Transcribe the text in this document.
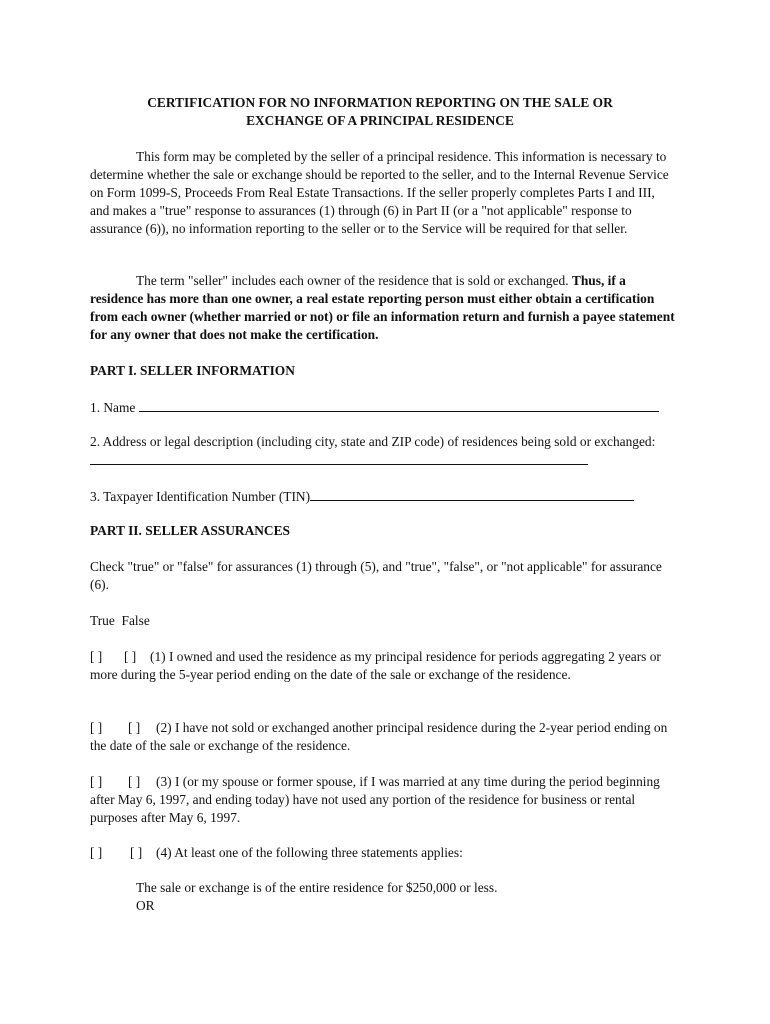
CERTIFICATION FOR NO INFORMATION REPORTING ON THE SALE OR
EXCHANGE OF A PRINCIPAL RESIDENCE
This form may be completed by the seller of a principal residence. This information is necessary to determine whether the sale or exchange should be reported to the seller, and to the Internal Revenue Service on Form 1099-S, Proceeds From Real Estate Transactions. If the seller properly completes Parts I and III, and makes a "true" response to assurances (1) through (6) in Part II (or a "not applicable" response to assurance (6)), no information reporting to the seller or to the Service will be required for that seller.
The term "seller" includes each owner of the residence that is sold or exchanged. Thus, if a residence has more than one owner, a real estate reporting person must either obtain a certification from each owner (whether married or not) or file an information return and furnish a payee statement for any owner that does not make the certification.
PART I. SELLER INFORMATION
1. Name
2. Address or legal description (including city, state and ZIP code) of residences being sold or exchanged:
3. Taxpayer Identification Number (TIN)
PART II. SELLER ASSURANCES
Check "true" or "false" for assurances (1) through (5), and "true", "false", or "not applicable" for assurance (6).
True  False
[ ] [ ] (1) I owned and used the residence as my principal residence for periods aggregating 2 years or more during the 5-year period ending on the date of the sale or exchange of the residence.
[ ] [ ] (2) I have not sold or exchanged another principal residence during the 2-year period ending on the date of the sale or exchange of the residence.
[ ] [ ] (3) I (or my spouse or former spouse, if I was married at any time during the period beginning after May 6, 1997, and ending today) have not used any portion of the residence for business or rental purposes after May 6, 1997.
[ ] [ ] (4) At least one of the following three statements applies:
The sale or exchange is of the entire residence for $250,000 or less.
OR
